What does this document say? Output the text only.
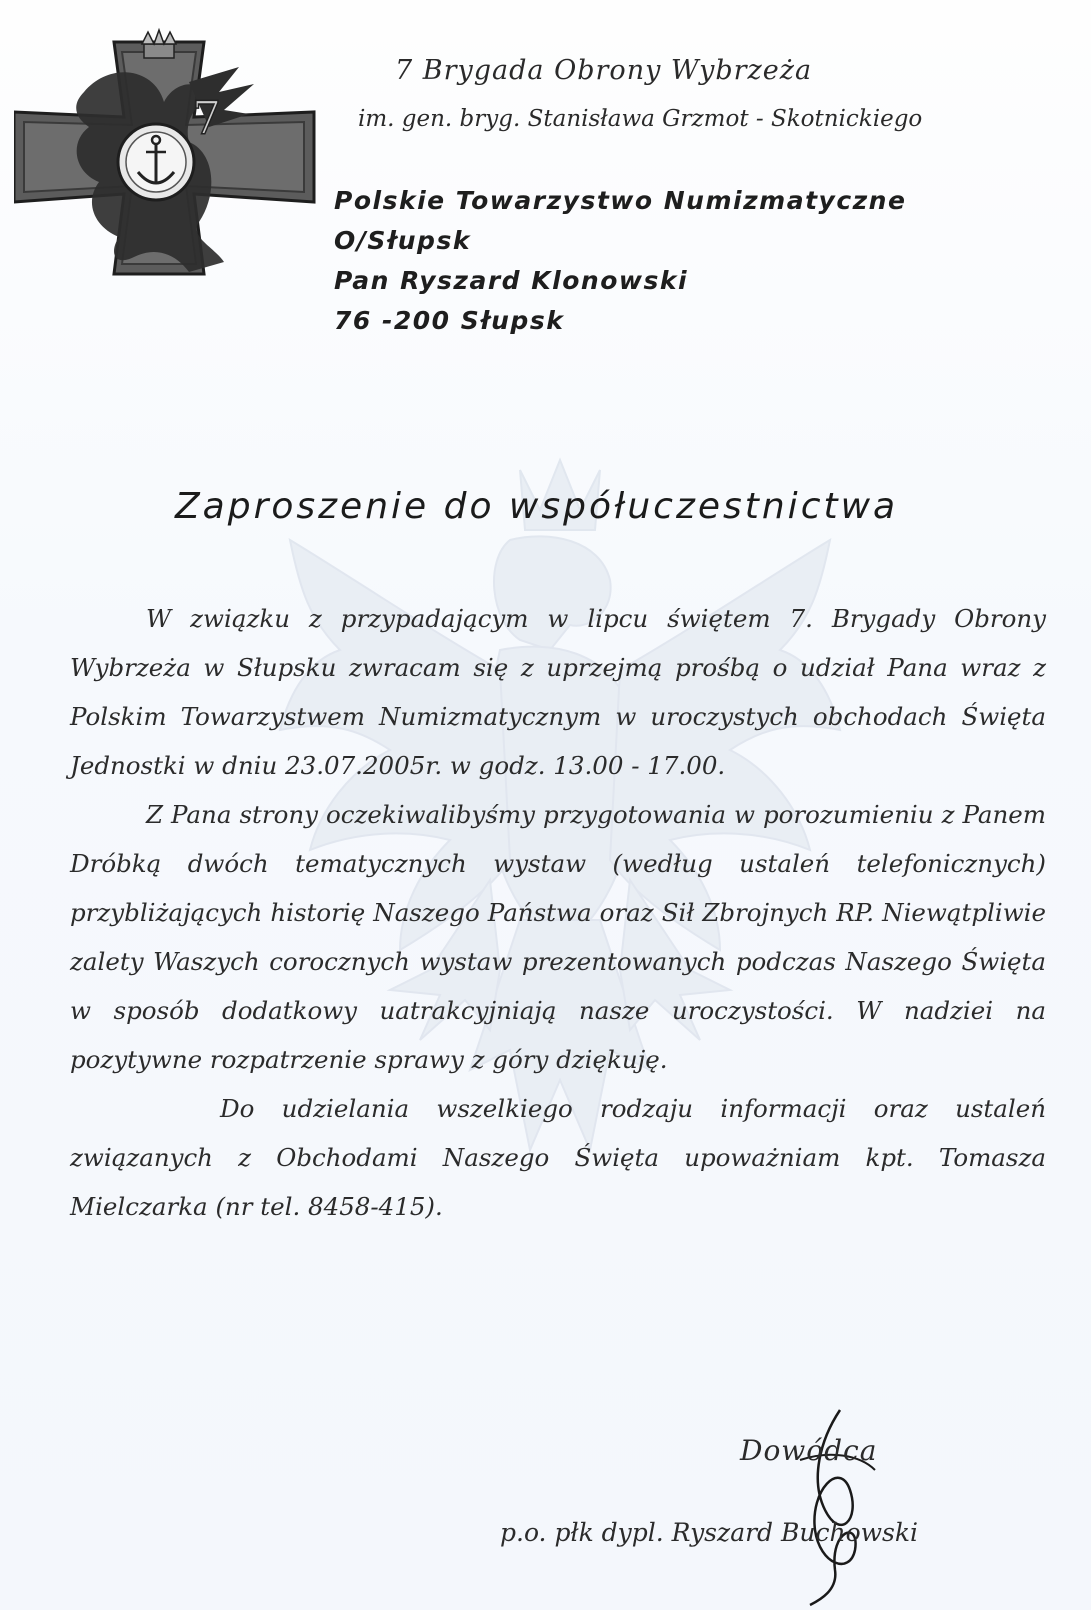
7
7 Brygada Obrony Wybrzeża
im. gen. bryg. Stanisława Grzmot - Skotnickiego
Polskie Towarzystwo Numizmatyczne
O/Słupsk
Pan Ryszard Klonowski
76 -200 Słupsk
Zaproszenie do współuczestnictwa

W związku z przypadającym w lipcu świętem 7. Brygady Obrony Wybrzeża w Słupsku zwracam się z uprzejmą prośbą o udział Pana wraz z Polskim Towarzystwem Numizmatycznym w uroczystych obchodach Święta Jednostki w dniu 23.07.2005r. w godz. 13.00 - 17.00.

Z Pana strony oczekiwalibyśmy przygotowania w porozumieniu z Panem Dróbką dwóch tematycznych wystaw (według ustaleń telefonicznych) przybliżających historię Naszego Państwa oraz Sił Zbrojnych RP. Niewątpliwie zalety Waszych corocznych wystaw prezentowanych podczas Naszego Święta w sposób dodatkowy uatrakcyjniają nasze uroczystości. W nadziei na pozytywne rozpatrzenie sprawy z góry dziękuję.

Do udzielania wszelkiego rodzaju informacji oraz ustaleń związanych z Obchodami Naszego Święta upoważniam kpt. Tomasza Mielczarka (nr tel. 8458-415).

Dowódca
p.o. płk dypl. Ryszard Buchowski
